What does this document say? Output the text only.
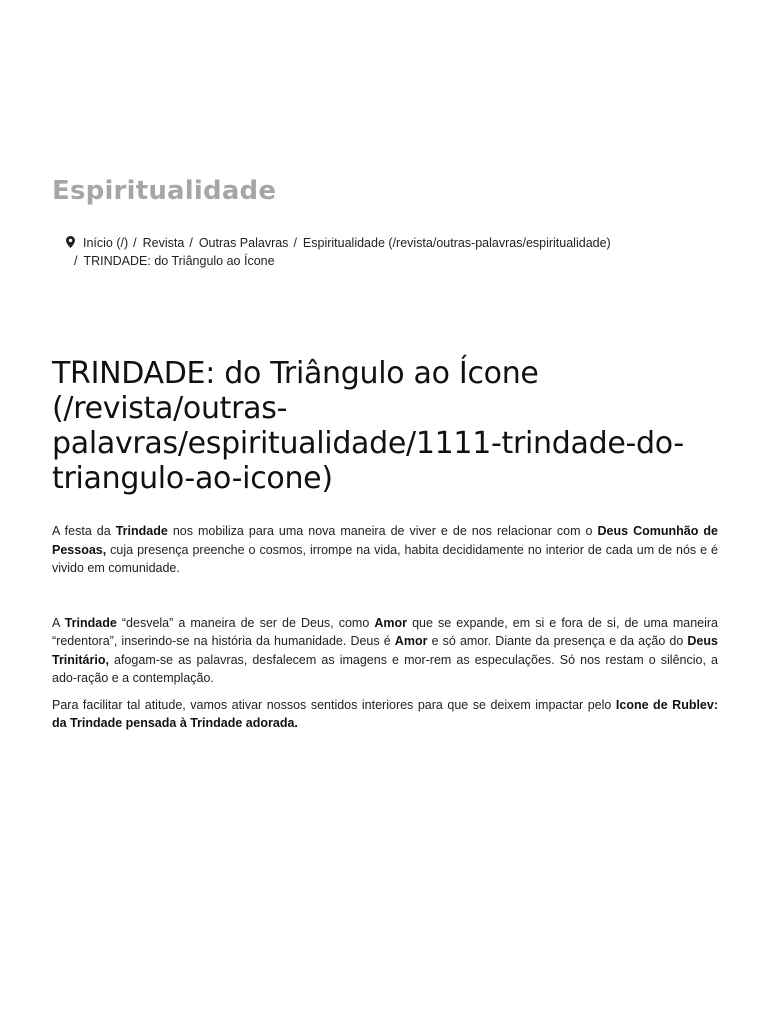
Espiritualidade
Início (/) / Revista / Outras Palavras / Espiritualidade (/revista/outras-palavras/espiritualidade)
/ TRINDADE: do Triângulo ao Ícone
TRINDADE: do Triângulo ao Ícone (/revista/outras-palavras/espiritualidade/1111-trindade-do-triangulo-ao-icone)

A festa da Trindade nos mobiliza para uma nova maneira de viver e de nos relacionar com o Deus Comunhão de Pessoas, cuja presença preenche o cosmos, irrompe na vida, habita decididamente no interior de cada um de nós e é vivido em comunidade.

A Trindade “desvela” a maneira de ser de Deus, como Amor que se expande, em si e fora de si, de uma maneira “redentora”, inserindo-se na história da humanidade. Deus é Amor e só amor. Diante da presença e da ação do Deus Trinitário, afogam-se as palavras, desfalecem as imagens e mor-rem as especulações. Só nos restam o silêncio, a ado-ração e a contemplação.

Para facilitar tal atitude, vamos ativar nossos sentidos interiores para que se deixem impactar pelo Icone de Rublev: da Trindade pensada à Trindade adorada.
